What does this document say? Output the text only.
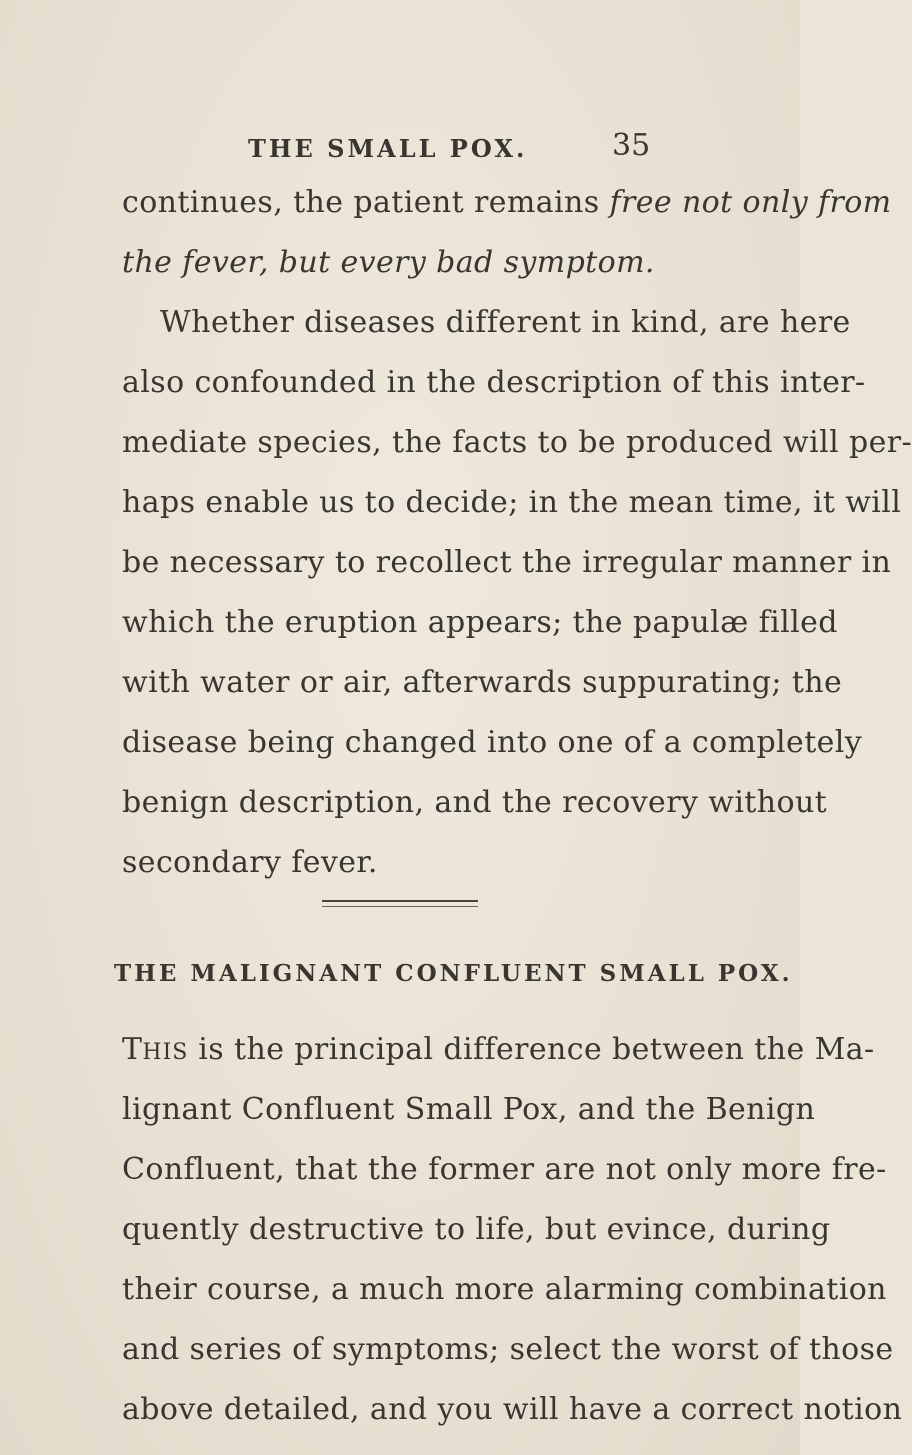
THE SMALL POX.	35
continues, the patient remains free not only from
the fever, but every bad symptom.
Whether diseases different in kind, are here
also confounded in the description of this inter-
mediate species, the facts to be produced will per-
haps enable us to decide; in the mean time, it will
be necessary to recollect the irregular manner in
which the eruption appears; the papulæ filled
with water or air, afterwards suppurating; the
disease being changed into one of a completely
benign description, and the recovery without
secondary fever.
THE MALIGNANT CONFLUENT SMALL POX.
THIS is the principal difference between the Ma-
lignant Confluent Small Pox, and the Benign
Confluent, that the former are not only more fre-
quently destructive to life, but evince, during
their course, a much more alarming combination
and series of symptoms; select the worst of those
above detailed, and you will have a correct notion
